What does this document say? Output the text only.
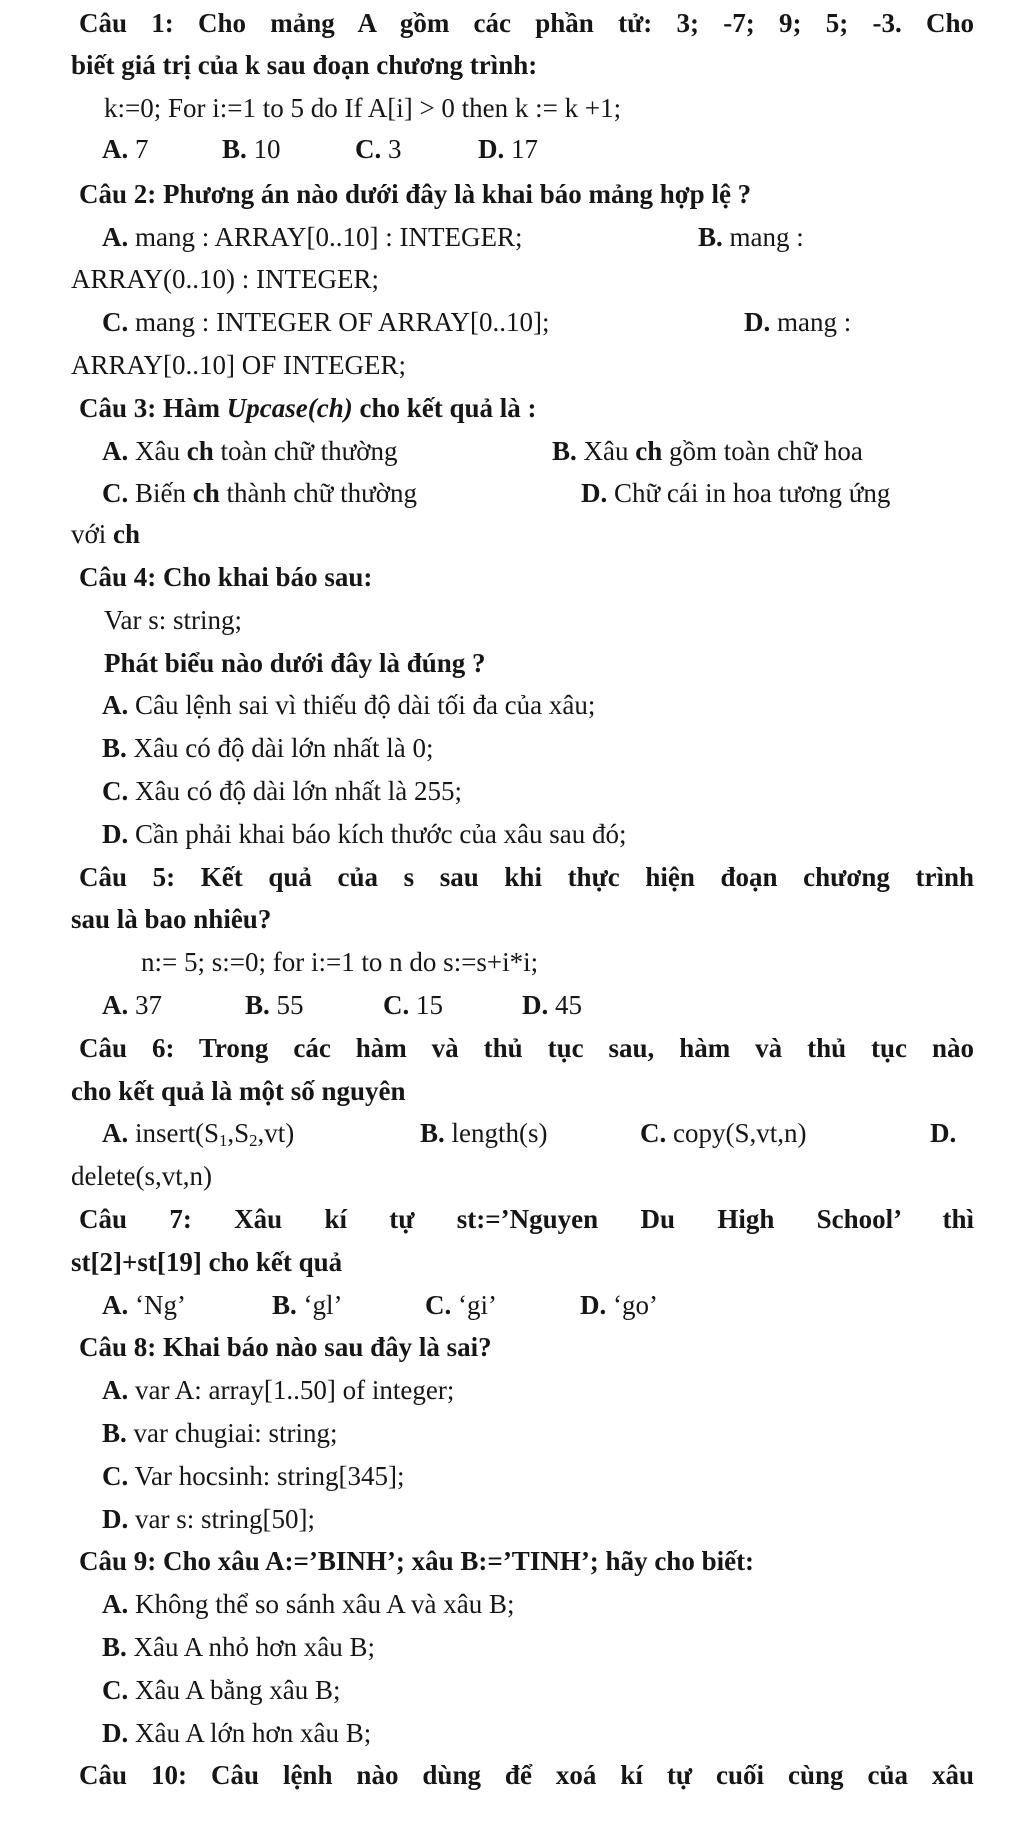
Câu 1: Cho mảng A gồm các phần tử: 3; -7; 9; 5; -3. Cho
biết giá trị của k sau đoạn chương trình:
k:=0; For i:=1 to 5 do If A[i] > 0 then k := k +1;
A. 7	B. 10	C. 3	D. 17
Câu 2: Phương án nào dưới đây là khai báo mảng hợp lệ ?
A. mang : ARRAY[0..10] : INTEGER;	B. mang :
ARRAY(0..10) : INTEGER;
C. mang : INTEGER OF ARRAY[0..10];	D. mang :
ARRAY[0..10] OF INTEGER;
Câu 3: Hàm Upcase(ch) cho kết quả là :
A. Xâu ch toàn chữ thường	B. Xâu ch gồm toàn chữ hoa
C. Biến ch thành chữ thường	D. Chữ cái in hoa tương ứng
với ch
Câu 4: Cho khai báo sau:
Var s: string;
Phát biểu nào dưới đây là đúng ?
A. Câu lệnh sai vì thiếu độ dài tối đa của xâu;
B. Xâu có độ dài lớn nhất là 0;
C. Xâu có độ dài lớn nhất là 255;
D. Cần phải khai báo kích thước của xâu sau đó;
Câu 5: Kết quả của s sau khi thực hiện đoạn chương trình
sau là bao nhiêu?
n:= 5; s:=0; for i:=1 to n do s:=s+i*i;
A. 37	B. 55	C. 15	D. 45
Câu 6: Trong các hàm và thủ tục sau, hàm và thủ tục nào
cho kết quả là một số nguyên
A. $insert(S_1,S_2,vt)$	B. length(s)	C. copy(S,vt,n)	D.
delete(s,vt,n)
Câu 7: Xâu kí tự st:=’Nguyen Du High School’ thì
st[2]+st[19] cho kết quả
A. ‘Ng’	B. ‘gl’	C. ‘gi’	D. ‘go’
Câu 8: Khai báo nào sau đây là sai?
A. var A: array[1..50] of integer;
B. var chugiai: string;
C. Var hocsinh: string[345];
D. var s: string[50];
Câu 9: Cho xâu A:=’BINH’; xâu B:=’TINH’; hãy cho biết:
A. Không thể so sánh xâu A và xâu B;
B. Xâu A nhỏ hơn xâu B;
C. Xâu A bằng xâu B;
D. Xâu A lớn hơn xâu B;
Câu 10: Câu lệnh nào dùng để xoá kí tự cuối cùng của xâu
